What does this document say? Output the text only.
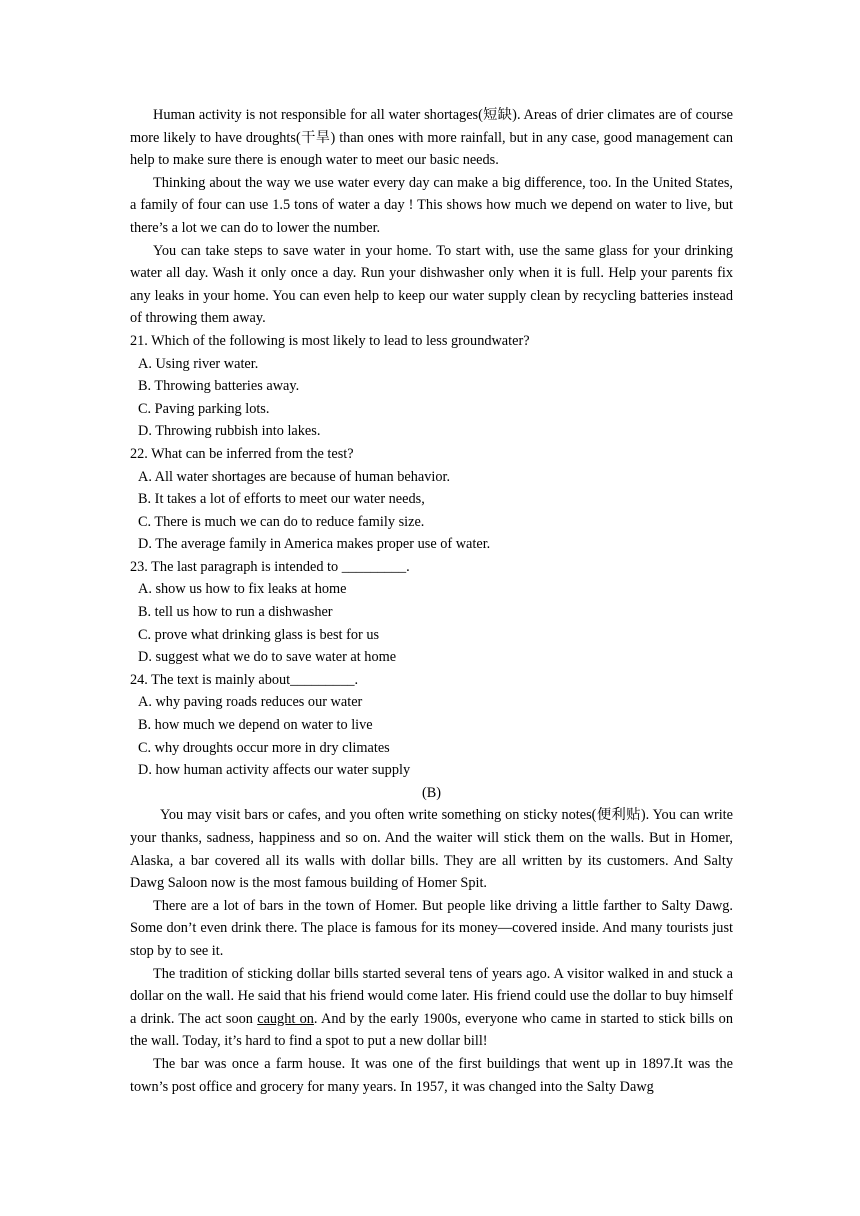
Human activity is not responsible for all water shortages(短缺). Areas of drier climates are of course more likely to have droughts(干旱) than ones with more rainfall, but in any case, good management can help to make sure there is enough water to meet our basic needs.

Thinking about the way we use water every day can make a big difference, too. In the United States, a family of four can use 1.5 tons of water a day ! This shows how much we depend on water to live, but there’s a lot we can do to lower the number.

You can take steps to save water in your home. To start with, use the same glass for your drinking water all day. Wash it only once a day. Run your dishwasher only when it is full. Help your parents fix any leaks in your home. You can even help to keep our water supply clean by recycling batteries instead of throwing them away.

21. Which of the following is most likely to lead to less groundwater?

A. Using river water.

B. Throwing batteries away.

C. Paving parking lots.

D. Throwing rubbish into lakes.

22. What can be inferred from the test?

A. All water shortages are because of human behavior.

B. It takes a lot of efforts to meet our water needs,

C. There is much we can do to reduce family size.

D. The average family in America makes proper use of water.

23. The last paragraph is intended to _________.

A. show us how to fix leaks at home

B. tell us how to run a dishwasher

C. prove what drinking glass is best for us

D. suggest what we do to save water at home

24. The text is mainly about_________.

A. why paving roads reduces our water

B. how much we depend on water to live

C. why droughts occur more in dry climates

D. how human activity affects our water supply

(B)

You may visit bars or cafes, and you often write something on sticky notes(便利贴). You can write your thanks, sadness, happiness and so on. And the waiter will stick them on the walls. But in Homer, Alaska, a bar covered all its walls with dollar bills. They are all written by its customers. And Salty Dawg Saloon now is the most famous building of Homer Spit.

There are a lot of bars in the town of Homer. But people like driving a little farther to Salty Dawg. Some don’t even drink there. The place is famous for its money—covered inside. And many tourists just stop by to see it.

The tradition of sticking dollar bills started several tens of years ago. A visitor walked in and stuck a dollar on the wall. He said that his friend would come later. His friend could use the dollar to buy himself a drink. The act soon caught on. And by the early 1900s, everyone who came in started to stick bills on the wall. Today, it’s hard to find a spot to put a new dollar bill!

The bar was once a farm house. It was one of the first buildings that went up in 1897.It was the town’s post office and grocery for many years. In 1957, it was changed into the Salty Dawg
